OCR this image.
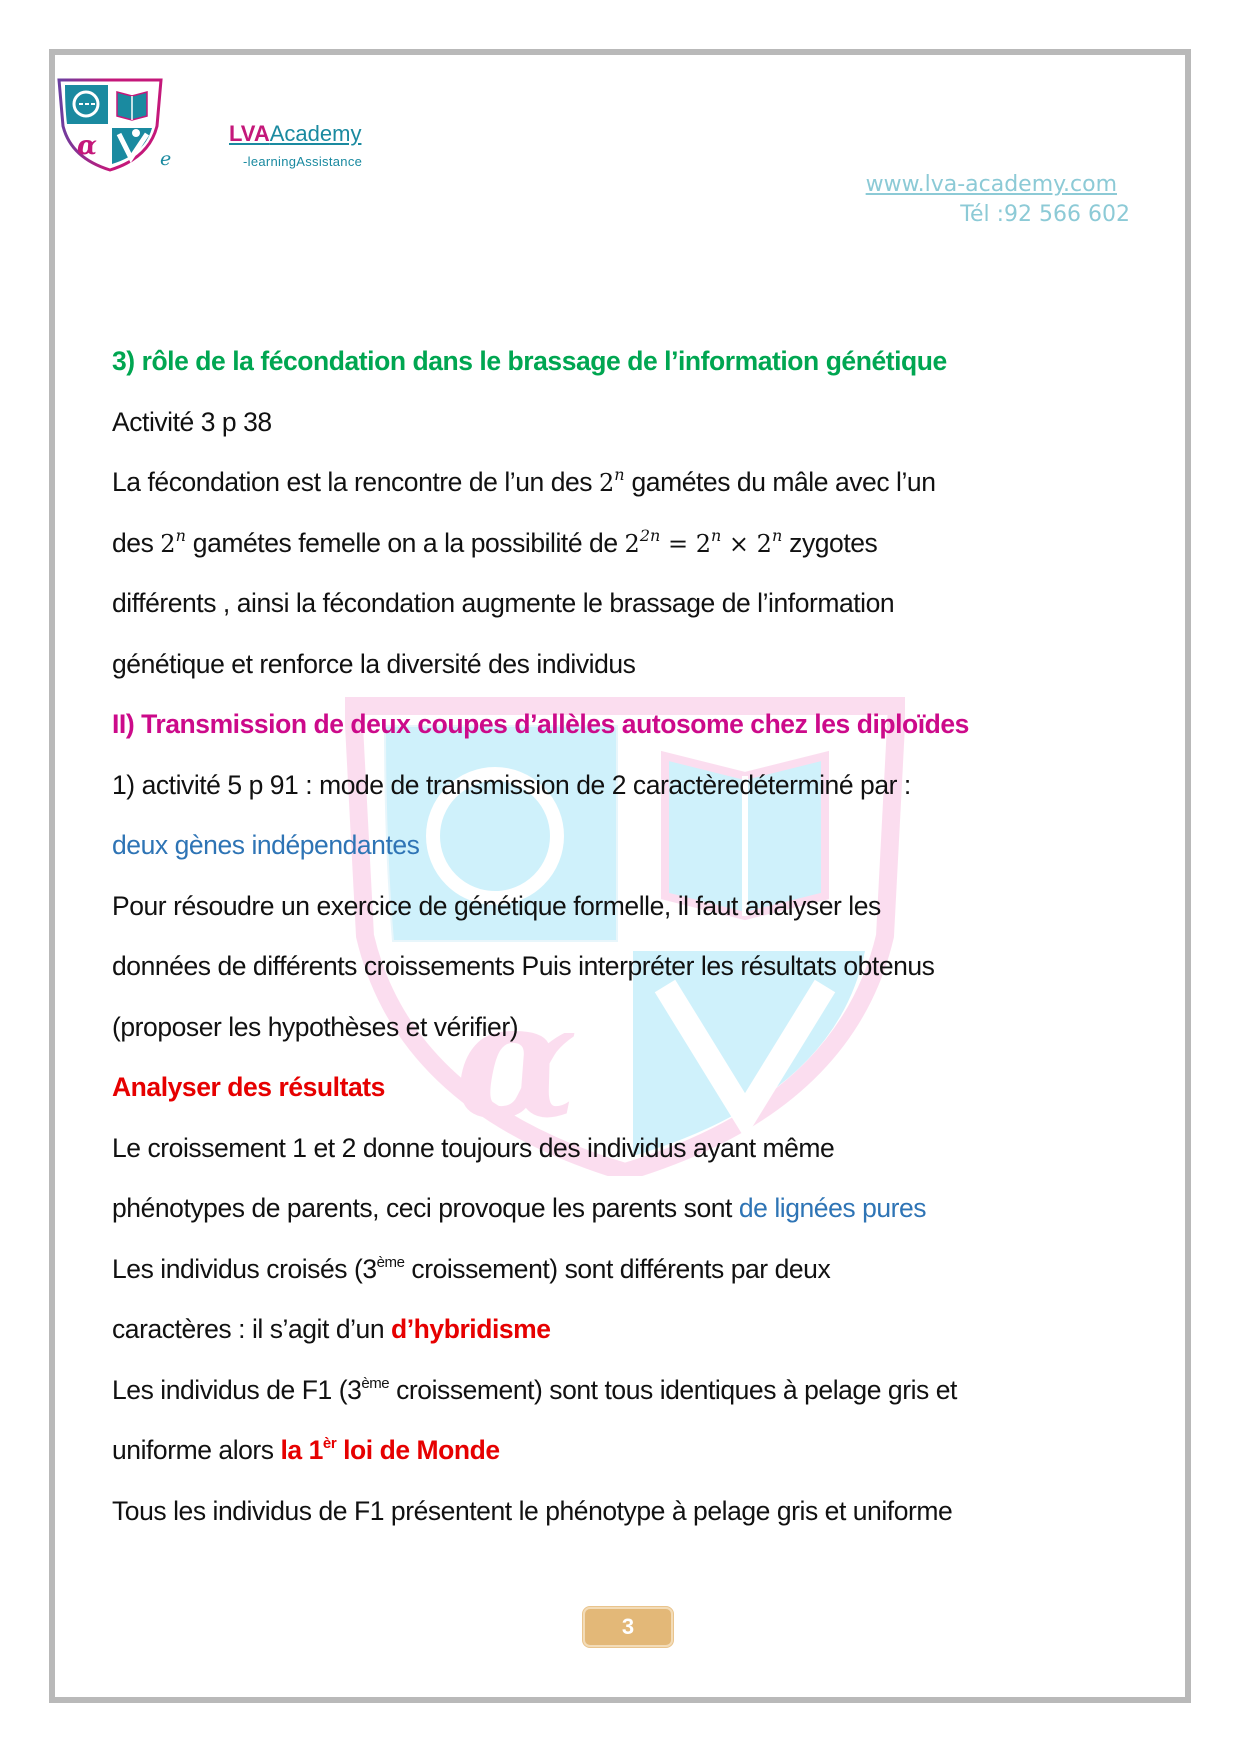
α	e
LVAAcademy
-learningAssistance
www.lva-academy.com
Tél :92 566 602
α
3) rôle de la fécondation dans le brassage de l’information génétique
Activité 3 p 38
La fécondation est la rencontre de l’un des 2$^n$ gamétes du mâle avec l’un
des 2$^n$ gamétes femelle on a la possibilité de $2^{2n} = 2^n \times 2^n$ zygotes
différents , ainsi la fécondation augmente le brassage de l’information
génétique et renforce la diversité des individus
II) Transmission de deux coupes d’allèles autosome chez les diploïdes
1) activité 5 p 91 : mode de transmission de 2 caractèredéterminé par :
deux gènes indépendantes
Pour résoudre un exercice de génétique formelle, il faut analyser les
données de différents croissements Puis interpréter les résultats obtenus
(proposer les hypothèses et vérifier)
Analyser des résultats
Le croissement 1 et 2 donne toujours des individus ayant même
phénotypes de parents, ceci provoque les parents sont de lignées pures
Les individus croisés (3ème croissement) sont différents par deux
caractères : il s’agit d’un d’hybridisme
Les individus de F1 (3ème croissement) sont tous identiques à pelage gris et
uniforme alors la $1^{èr}$ loi de Monde
Tous les individus de F1 présentent le phénotype à pelage gris et uniforme
3
